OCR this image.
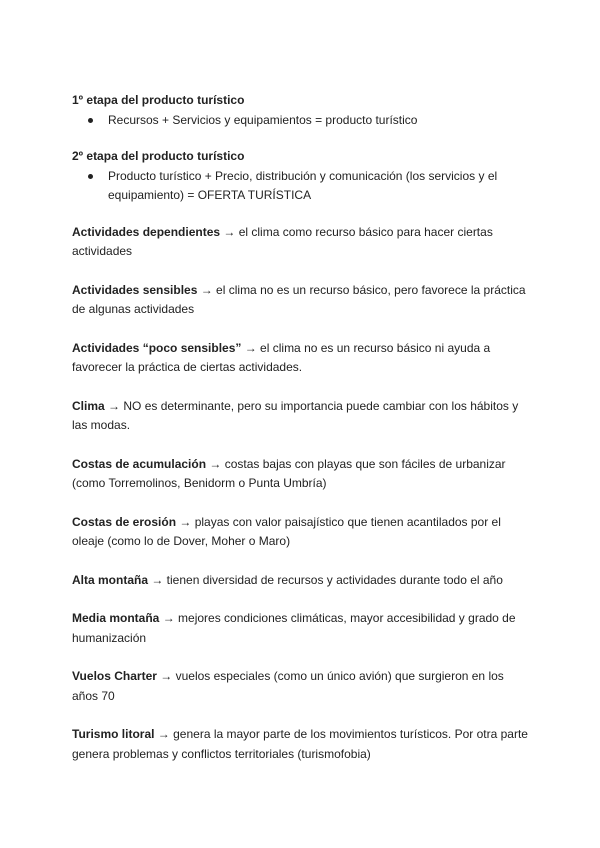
1º etapa del producto turístico

Recursos + Servicios y equipamientos = producto turístico

2º etapa del producto turístico

Producto turístico + Precio, distribución y comunicación (los servicios y el equipamiento) = OFERTA TURÍSTICA

Actividades dependientes → el clima como recurso básico para hacer ciertas actividades

Actividades sensibles → el clima no es un recurso básico, pero favorece la práctica de algunas actividades

Actividades “poco sensibles” → el clima no es un recurso básico ni ayuda a favorecer la práctica de ciertas actividades.

Clima → NO es determinante, pero su importancia puede cambiar con los hábitos y las modas.

Costas de acumulación → costas bajas con playas que son fáciles de urbanizar (como Torremolinos, Benidorm o Punta Umbría)

Costas de erosión → playas con valor paisajístico que tienen acantilados por el oleaje (como lo de Dover, Moher o Maro)

Alta montaña → tienen diversidad de recursos y actividades durante todo el año

Media montaña → mejores condiciones climáticas, mayor accesibilidad y grado de humanización

Vuelos Charter → vuelos especiales (como un único avión) que surgieron en los años 70

Turismo litoral → genera la mayor parte de los movimientos turísticos. Por otra parte genera problemas y conflictos territoriales (turismofobia)
